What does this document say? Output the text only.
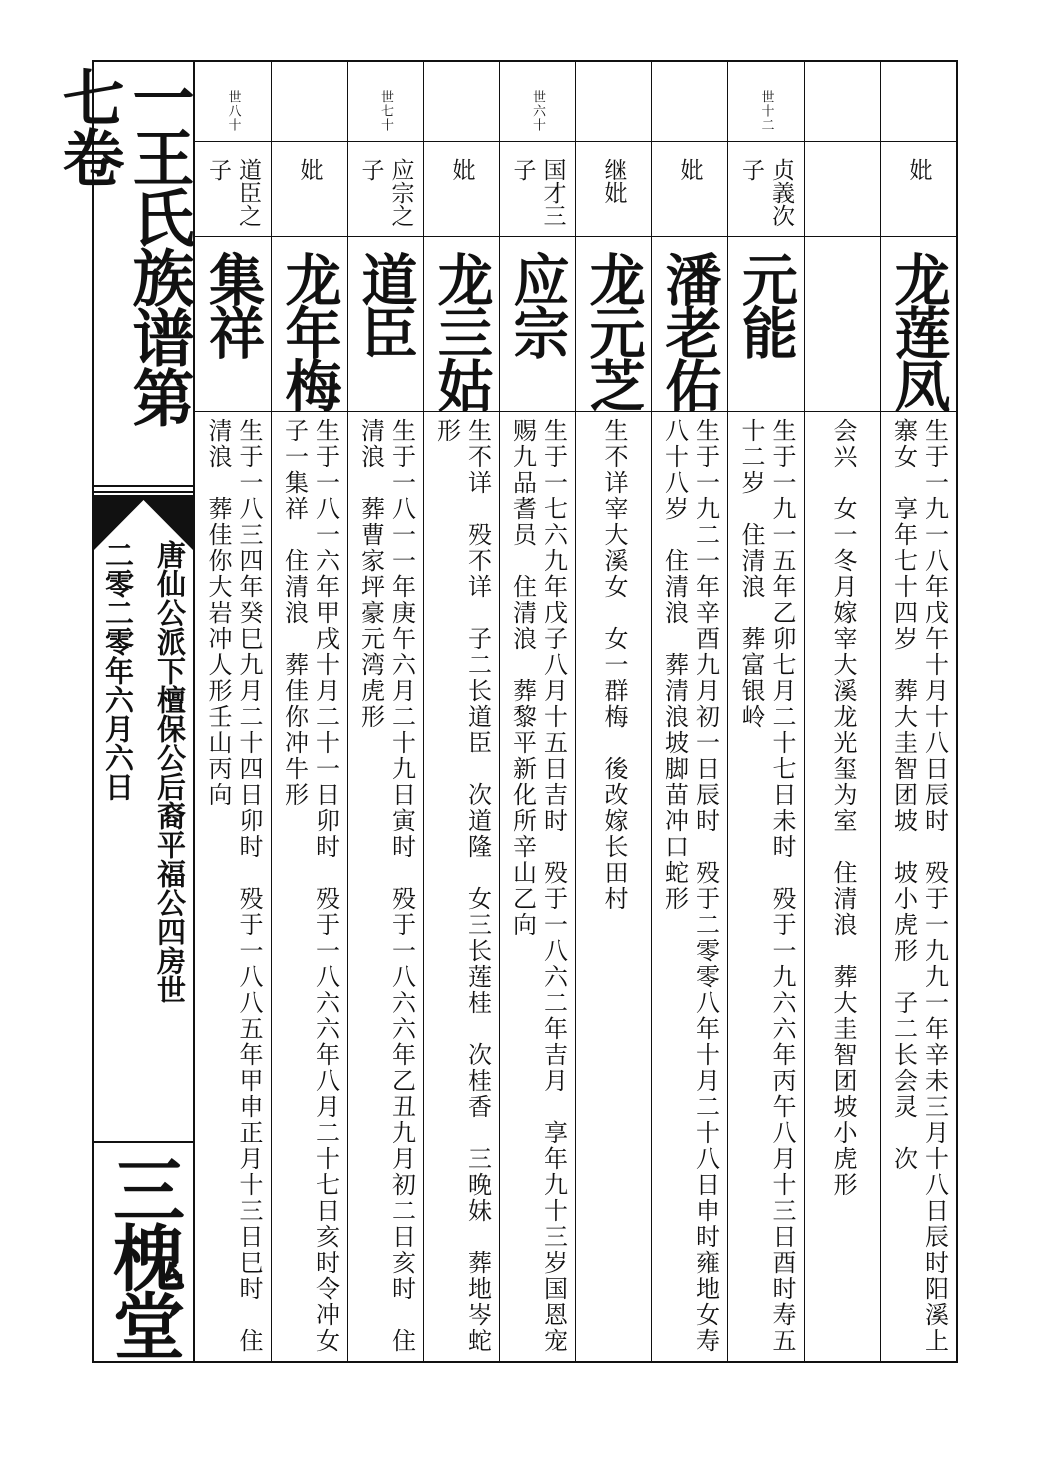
一王氏族谱第七卷
唐仙公派下檀保公后裔平福公四房世
二零二零年六月六日
三槐堂
世八十
道臣之子
集祥
生于一八三四年癸巳九月二十四日卯时　殁于一八八五年甲申正月十三日巳时　住清浪　葬佳你大岩冲人形壬山丙向
妣
龙年梅
生于一八一六年甲戌十月二十一日卯时　殁于一八六六年八月二十七日亥时令冲女　子一集祥　住清浪　葬佳你冲牛形
世七十
应宗之子
道臣
生于一八一一年庚午六月二十九日寅时　殁于一八六六年乙丑九月初二日亥时　住清浪　葬曹家坪豪元湾虎形
妣
龙亖姑
生不详　殁不详　子二长道臣　次道隆　女三长莲桂　次桂香　三晚妹　葬地岑蛇形
世六十
国才三子
应宗
生于一七六九年戊子八月十五日吉时　殁于一八六二年吉月　享年九十三岁国恩宠赐九品耆员　住清浪　葬黎平新化所辛山乙向
继妣
龙元芝
生不详宰大溪女　女一群梅　後改嫁长田村
妣
潘老佑
生于一九二一年辛酉九月初一日辰时　殁于二零零八年十月二十八日申时雍地女寿八十八岁　住清浪　葬清浪坡脚苗冲口蛇形
世十二
贞義次子
元能
生于一九一五年乙卯七月二十七日未时　殁于一九六六年丙午八月十三日酉时寿五十二岁　住清浪　葬富银岭	会兴　女一冬月嫁宰大溪龙光玺为室　住清浪　葬大圭智团坡小虎形
妣
龙莲凤
生于一九一八年戊午十月十八日辰时　殁于一九九一年辛未三月十八日辰时阳溪上寨女　享年七十四岁　葬大圭智团坡　坡小虎形　子二长会灵　次
